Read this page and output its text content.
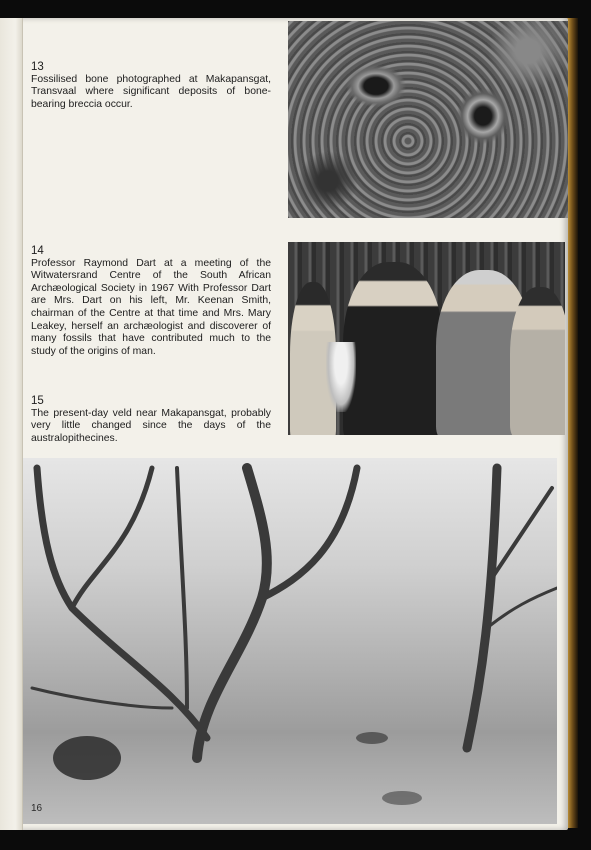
13
Fossilised bone photographed at Makapansgat, Transvaal where significant deposits of bone-bearing breccia occur.
14
Professor Raymond Dart at a meeting of the Witwatersrand Centre of the South African Archæological Society in 1967 With Professor Dart are Mrs. Dart on his left, Mr. Keenan Smith, chairman of the Centre at that time and Mrs. Mary Leakey, herself an archæologist and discoverer of many fossils that have contributed much to the study of the origins of man.
15
The present-day veld near Makapansgat, probably very little changed since the days of the australopithecines.
16
